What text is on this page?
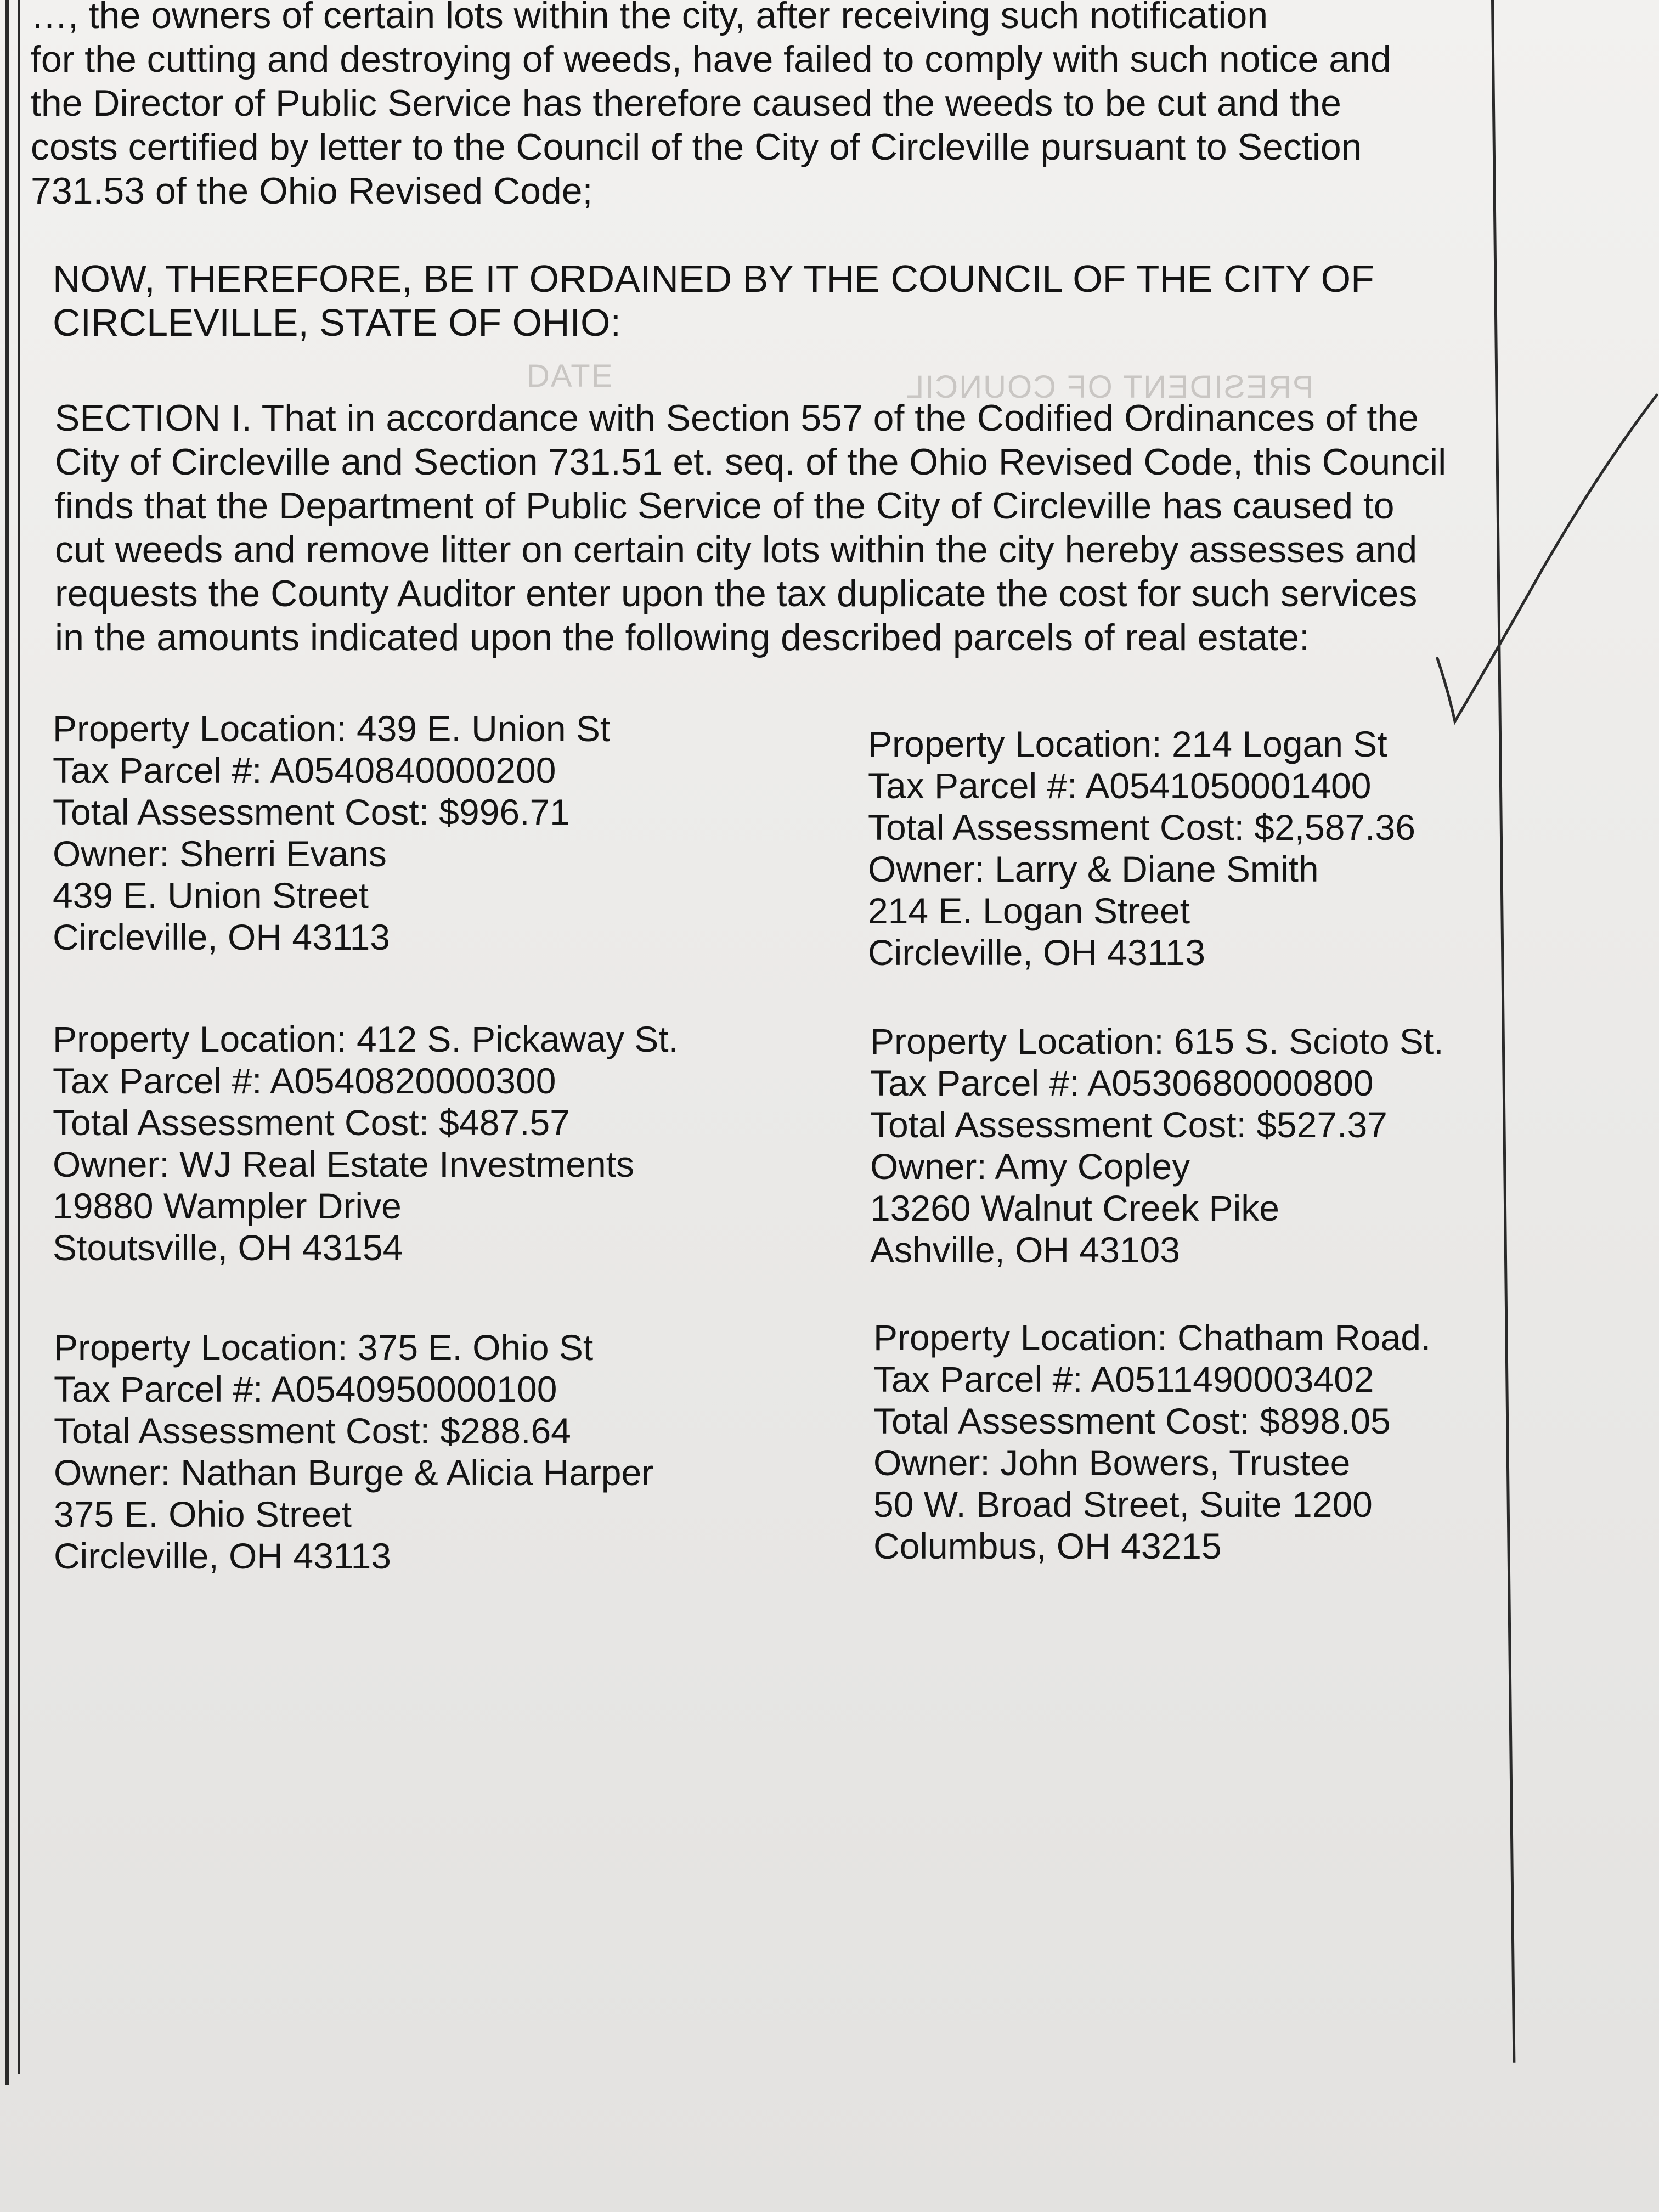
…, the owners of certain lots within the city, after receiving such notification
for the cutting and destroying of weeds, have failed to comply with such notice and
the Director of Public Service has therefore caused the weeds to be cut and the
costs certified by letter to the Council of the City of Circleville pursuant to Section
731.53 of the Ohio Revised Code;

NOW, THEREFORE, BE IT ORDAINED BY THE COUNCIL OF THE CITY OF
CIRCLEVILLE, STATE OF OHIO:

DATE	PRESIDENT OF COUNCIL

SECTION I. That in accordance with Section 557 of the Codified Ordinances of the
City of Circleville and Section 731.51 et. seq. of the Ohio Revised Code, this Council
finds that the Department of Public Service of the City of Circleville has caused to
cut weeds and remove litter on certain city lots within the city hereby assesses and
requests the County Auditor enter upon the tax duplicate the cost for such services
in the amounts indicated upon the following described parcels of real estate:

Property Location: 439 E. Union St
Tax Parcel #: A0540840000200
Total Assessment Cost: $996.71
Owner: Sherri Evans
439 E. Union Street
Circleville, OH 43113
Property Location: 214 Logan St
Tax Parcel #: A0541050001400
Total Assessment Cost: $2,587.36
Owner: Larry & Diane Smith
214 E. Logan Street
Circleville, OH 43113
Property Location: 412 S. Pickaway St.
Tax Parcel #: A0540820000300
Total Assessment Cost: $487.57
Owner: WJ Real Estate Investments
19880 Wampler Drive
Stoutsville, OH 43154
Property Location: 615 S. Scioto St.
Tax Parcel #: A0530680000800
Total Assessment Cost: $527.37
Owner: Amy Copley
13260 Walnut Creek Pike
Ashville, OH 43103
Property Location: 375 E. Ohio St
Tax Parcel #: A0540950000100
Total Assessment Cost: $288.64
Owner: Nathan Burge & Alicia Harper
375 E. Ohio Street
Circleville, OH 43113
Property Location: Chatham Road.
Tax Parcel #: A0511490003402
Total Assessment Cost: $898.05
Owner: John Bowers, Trustee
50 W. Broad Street, Suite 1200
Columbus, OH 43215
